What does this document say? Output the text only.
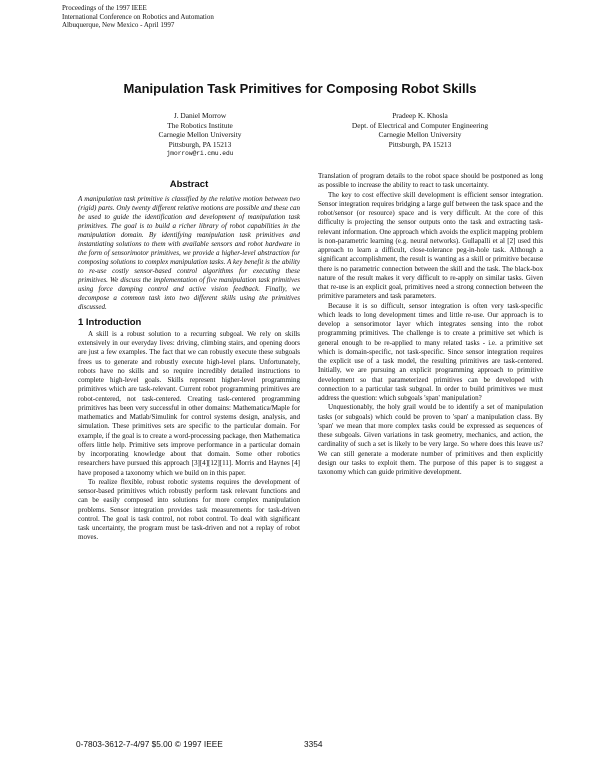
Proceedings of the 1997 IEEE
International Conference on Robotics and Automation
Albuquerque, New Mexico - April 1997
Manipulation Task Primitives for Composing Robot Skills
J. Daniel Morrow
The Robotics Institute
Carnegie Mellon University
Pittsburgh, PA 15213
jmorrow@ri.cmu.edu
Pradeep K. Khosla
Dept. of Electrical and Computer Engineering
Carnegie Mellon University
Pittsburgh, PA 15213
Abstract

A manipulation task primitive is classified by the relative motion between two (rigid) parts. Only twenty different relative motions are possible and these can be used to guide the identification and development of manipulation task primitives. The goal is to build a richer library of robot capabilities in the manipulation domain. By identifying manipulation task primitives and instantiating solutions to them with available sensors and robot hardware in the form of sensorimotor primitives, we provide a higher-level abstraction for composing solutions to complex manipulation tasks. A key benefit is the ability to re-use costly sensor-based control algorithms for executing these primitives. We discuss the implementation of five manipulation task primitives using force damping control and active vision feedback. Finally, we decompose a common task into two different skills using the primitives discussed.

1 Introduction

A skill is a robust solution to a recurring subgoal. We rely on skills extensively in our everyday lives: driving, climbing stairs, and opening doors are just a few examples. The fact that we can robustly execute these subgoals frees us to generate and robustly execute high-level plans. Unfortunately, robots have no skills and so require incredibly detailed instructions to complete high-level goals. Skills represent higher-level programming primitives which are task-relevant. Current robot programming primitives are robot-centered, not task-centered. Creating task-centered programming primitives has been very successful in other domains: Mathematica/Maple for mathematics and Matlab/Simulink for control systems design, analysis, and simulation. These primitives sets are specific to the particular domain. For example, if the goal is to create a word-processing package, then Mathematica offers little help. Primitive sets improve performance in a particular domain by incorporating knowledge about that domain. Some other robotics researchers have pursued this approach [3][4][12][11]. Morris and Haynes [4] have proposed a taxonomy which we build on in this paper.

To realize flexible, robust robotic systems requires the development of sensor-based primitives which robustly perform task relevant functions and can be easily composed into solutions for more complex manipulation problems. Sensor integration provides task measurements for task-driven control. The goal is task control, not robot control. To deal with significant task uncertainty, the program must be task-driven and not a replay of robot moves.

Translation of program details to the robot space should be postponed as long as possible to increase the ability to react to task uncertainty.

The key to cost effective skill development is efficient sensor integration. Sensor integration requires bridging a large gulf between the task space and the robot/sensor (or resource) space and is very difficult. At the core of this difficulty is projecting the sensor outputs onto the task and extracting task-relevant information. One approach which avoids the explicit mapping problem is non-parametric learning (e.g. neural networks). Gullapalli et al [2] used this approach to learn a difficult, close-tolerance peg-in-hole task. Although a significant accomplishment, the result is wanting as a skill or primitive because there is no parametric connection between the skill and the task. The black-box nature of the result makes it very difficult to re-apply on similar tasks. Given that re-use is an explicit goal, primitives need a strong connection between the primitive parameters and task parameters.

Because it is so difficult, sensor integration is often very task-specific which leads to long development times and little re-use. Our approach is to develop a sensorimotor layer which integrates sensing into the robot programming primitives. The challenge is to create a primitive set which is general enough to be re-applied to many related tasks - i.e. a primitive set which is domain-specific, not task-specific. Since sensor integration requires the explicit use of a task model, the resulting primitives are task-centered. Initially, we are pursuing an explicit programming approach to primitive development so that parameterized primitives can be developed with connection to a particular task subgoal. In order to build primitives we must address the question: which subgoals 'span' manipulation?

Unquestionably, the holy grail would be to identify a set of manipulation tasks (or subgoals) which could be proven to 'span' a manipulation class. By 'span' we mean that more complex tasks could be expressed as sequences of these subgoals. Given variations in task geometry, mechanics, and action, the cardinality of such a set is likely to be very large. So where does this leave us? We can still generate a moderate number of primitives and then explicitly design our tasks to exploit them. The purpose of this paper is to suggest a taxonomy which can guide primitive development.

0-7803-3612-7-4/97 $5.00 © 1997 IEEE	3354
